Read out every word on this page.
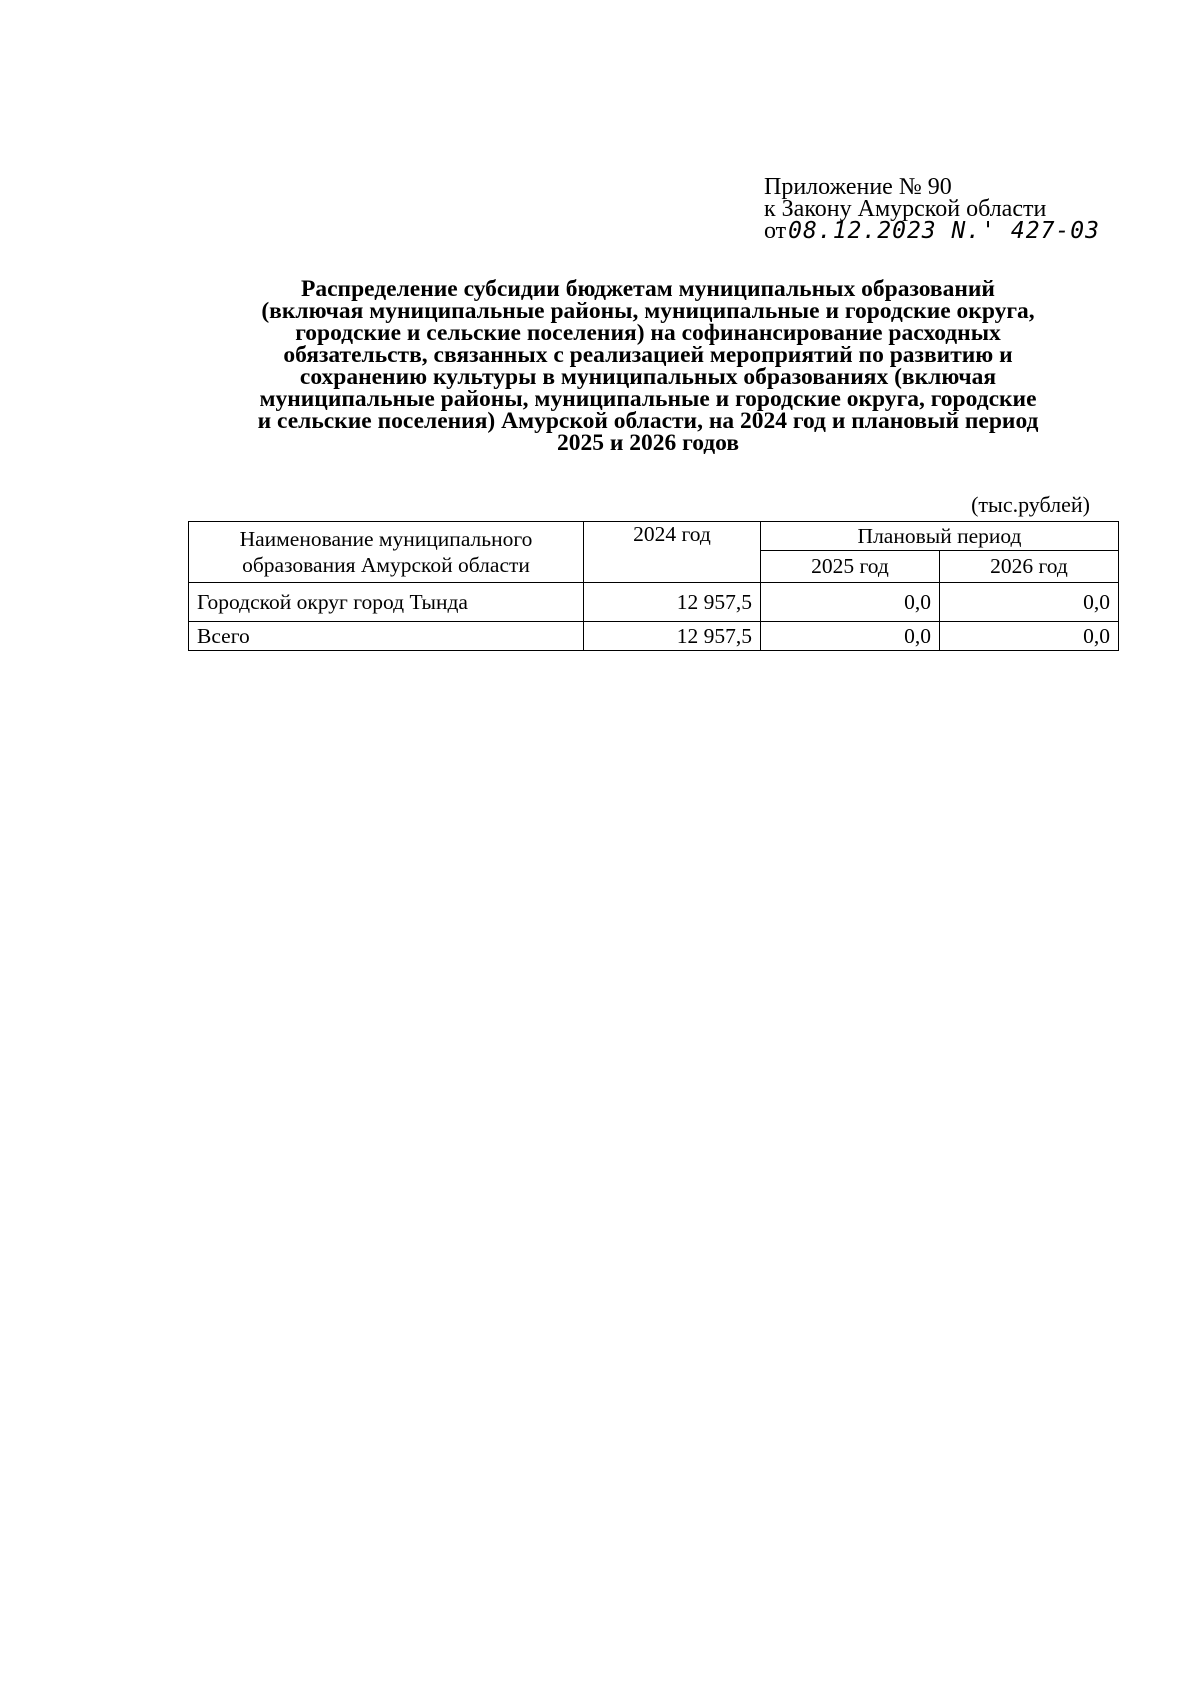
Приложение № 90
к Закону Амурской области
от08.12.2023 N.' 427-03
Распределение субсидии бюджетам муниципальных образований
(включая муниципальные районы, муниципальные и городские округа,
городские и сельские поселения) на софинансирование расходных
обязательств, связанных с реализацией мероприятий по развитию и
сохранению культуры в муниципальных образованиях (включая
муниципальные районы, муниципальные и городские округа, городские
и сельские поселения) Амурской области, на 2024 год и плановый период
2025 и 2026 годов
(тыс.рублей)
Наименование муниципального
образования Амурской области	2024 год	Плановый период	
		2025 год	2026 год
Городской округ город Тында	12 957,5	0,0	0,0
Всего	12 957,5	0,0	0,0
